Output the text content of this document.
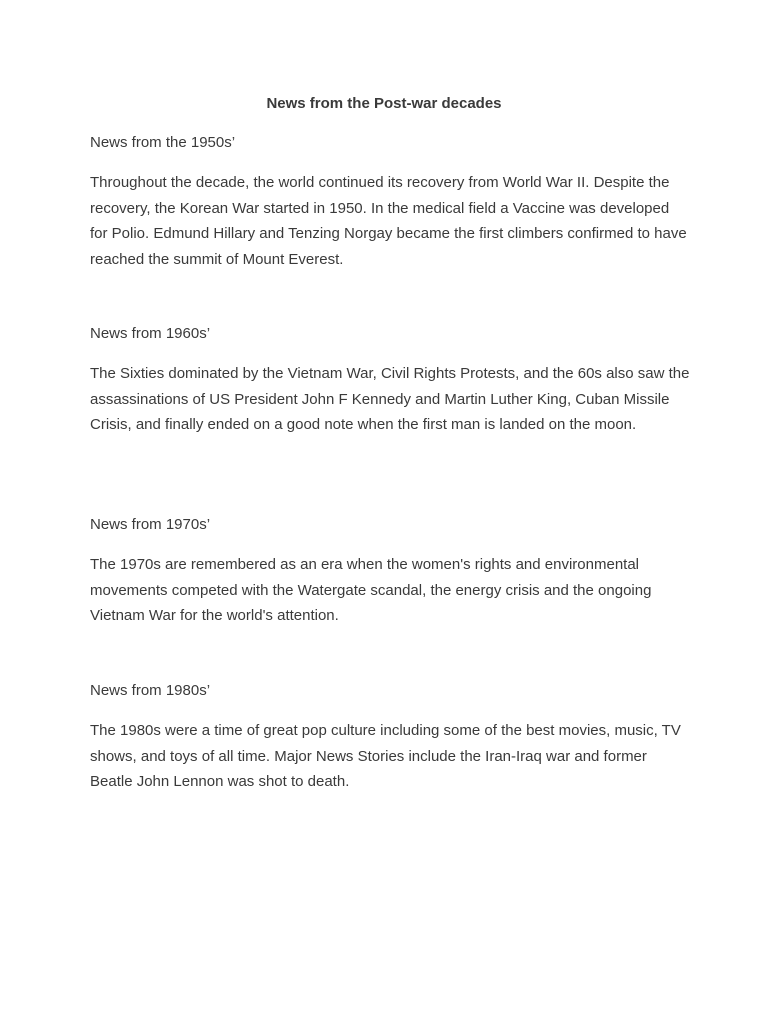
News from the Post-war decades

News from the 1950s’

Throughout the decade, the world continued its recovery from World War II. Despite the recovery, the Korean War started in 1950. In the medical field a Vaccine was developed for Polio. Edmund Hillary and Tenzing Norgay became the first climbers confirmed to have reached the summit of Mount Everest.

News from 1960s’

The Sixties dominated by the Vietnam War, Civil Rights Protests, and the 60s also saw the assassinations of US President John F Kennedy and Martin Luther King, Cuban Missile Crisis, and finally ended on a good note when the first man is landed on the moon.

News from 1970s’

The 1970s are remembered as an era when the women's rights and environmental movements competed with the Watergate scandal, the energy crisis and the ongoing Vietnam War for the world's attention.

News from 1980s’

The 1980s were a time of great pop culture including some of the best movies, music, TV shows, and toys of all time. Major News Stories include the Iran-Iraq war and former Beatle John Lennon was shot to death.
